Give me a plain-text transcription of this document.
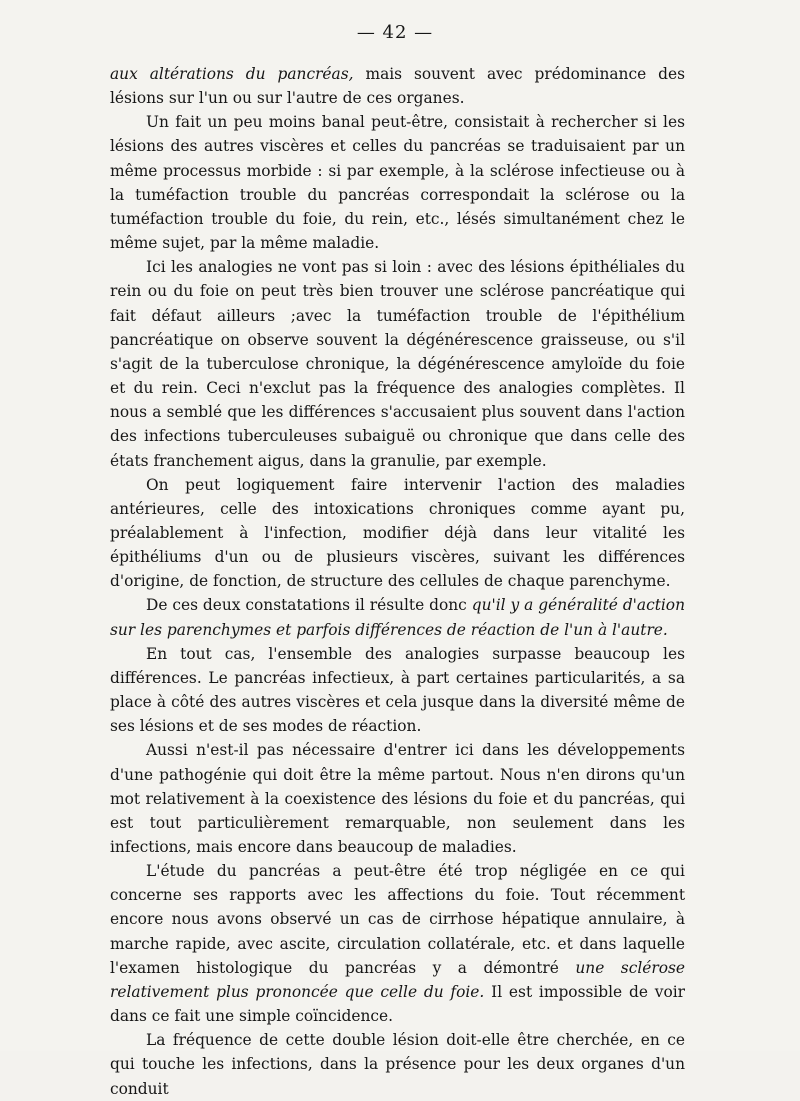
— 42 —

aux altérations du pancréas, mais souvent avec prédominance des lésions sur l'un ou sur l'autre de ces organes.

Un fait un peu moins banal peut-être, consistait à rechercher si les lésions des autres viscères et celles du pancréas se traduisaient par un même processus morbide : si par exemple, à la sclérose infectieuse ou à la tuméfaction trouble du pancréas correspondait la sclérose ou la tuméfaction trouble du foie, du rein, etc., lésés simultanément chez le même sujet, par la même maladie.

Ici les analogies ne vont pas si loin : avec des lésions épithéliales du rein ou du foie on peut très bien trouver une sclérose pancréatique qui fait défaut ailleurs ;avec la tuméfaction trouble de l'épithélium pancréatique on observe souvent la dégénérescence graisseuse, ou s'il s'agit de la tuberculose chronique, la dégénérescence amyloïde du foie et du rein. Ceci n'exclut pas la fréquence des analogies complètes. Il nous a semblé que les différences s'accusaient plus souvent dans l'action des infections tuberculeuses subaiguë ou chronique que dans celle des états franchement aigus, dans la granulie, par exemple.

On peut logiquement faire intervenir l'action des maladies antérieures, celle des intoxications chroniques comme ayant pu, préalablement à l'infection, modifier déjà dans leur vitalité les épithéliums d'un ou de plusieurs viscères, suivant les différences d'origine, de fonction, de structure des cellules de chaque parenchyme.

De ces deux constatations il résulte donc qu'il y a généralité d'action sur les parenchymes et parfois différences de réaction de l'un à l'autre.

En tout cas, l'ensemble des analogies surpasse beaucoup les différences. Le pancréas infectieux, à part certaines particularités, a sa place à côté des autres viscères et cela jusque dans la diversité même de ses lésions et de ses modes de réaction.

Aussi n'est-il pas nécessaire d'entrer ici dans les développements d'une pathogénie qui doit être la même partout. Nous n'en dirons qu'un mot relativement à la coexistence des lésions du foie et du pancréas, qui est tout particulièrement remarquable, non seulement dans les infections, mais encore dans beaucoup de maladies.

L'étude du pancréas a peut-être été trop négligée en ce qui concerne ses rapports avec les affections du foie. Tout récemment encore nous avons observé un cas de cirrhose hépatique annulaire, à marche rapide, avec ascite, circulation collatérale, etc. et dans laquelle l'examen histologique du pancréas y a démontré une sclérose relativement plus prononcée que celle du foie. Il est impossible de voir dans ce fait une simple coïncidence.

La fréquence de cette double lésion doit-elle être cherchée, en ce qui touche les infections, dans la présence pour les deux organes d'un conduit
